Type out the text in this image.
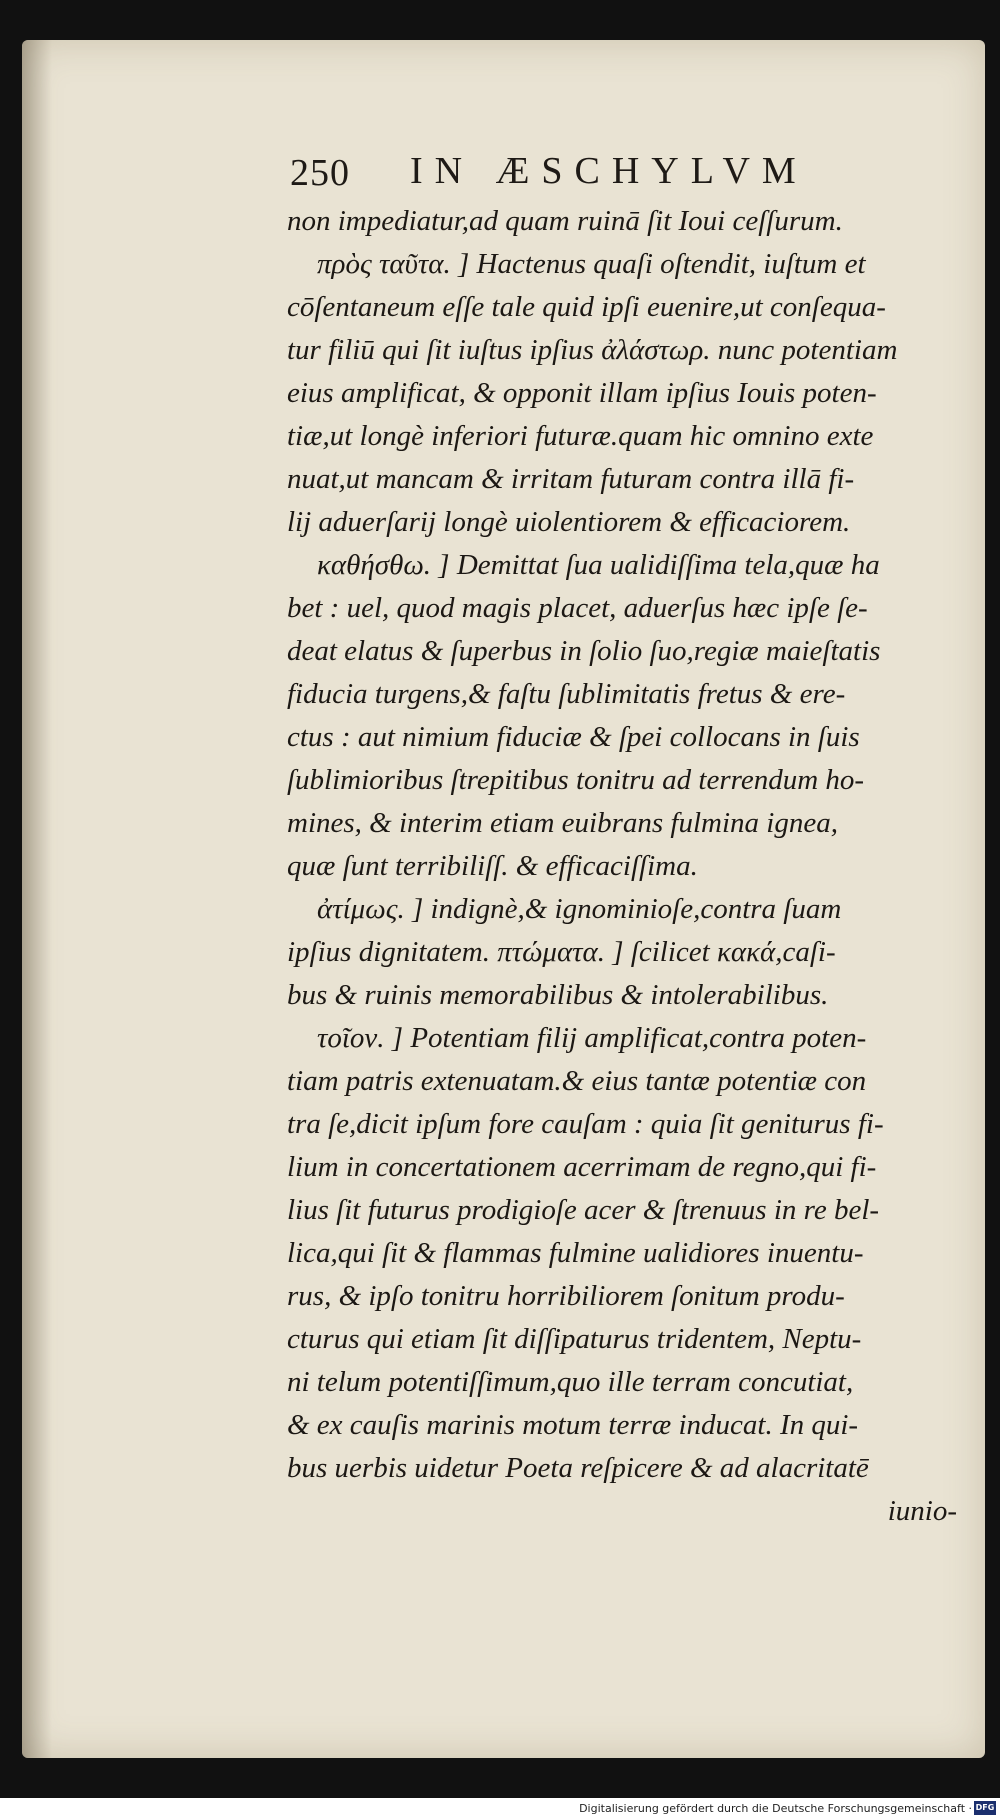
250 IN ÆSCHYLVM
non impediatur,ad quam ruinā ſit Ioui ceſſurum.
πρὸς ταῦτα. ] Hactenus quaſi oſtendit, iuſtum et
cōſentaneum eſſe tale quid ipſi euenire,ut conſequa-
tur filiū qui ſit iuſtus ipſius ἀλάστωρ. nunc potentiam
eius amplificat, & opponit illam ipſius Iouis poten-
tiæ,ut longè inferiori futuræ.quam hic omnino exte
nuat,ut mancam & irritam futuram contra illā fi-
lij aduerſarij longè uiolentiorem & efficaciorem.
καθήσθω. ] Demittat ſua ualidiſſima tela,quæ ha
bet : uel, quod magis placet, aduerſus hæc ipſe ſe-
deat elatus & ſuperbus in ſolio ſuo,regiæ maieſtatis
fiducia turgens,& faſtu ſublimitatis fretus & ere-
ctus : aut nimium fiduciæ & ſpei collocans in ſuis
ſublimioribus ſtrepitibus tonitru ad terrendum ho-
mines, & interim etiam euibrans fulmina ignea,
quæ ſunt terribiliſſ. & efficaciſſima.
ἀτίμως. ] indignè,& ignominioſe,contra ſuam
ipſius dignitatem. πτώματα. ] ſcilicet κακά,caſi-
bus & ruinis memorabilibus & intolerabilibus.
τοῖον. ] Potentiam filij amplificat,contra poten-
tiam patris extenuatam.& eius tantæ potentiæ con
tra ſe,dicit ipſum fore cauſam : quia ſit geniturus fi-
lium in concertationem acerrimam de regno,qui fi-
lius ſit futurus prodigioſe acer & ſtrenuus in re bel-
lica,qui ſit & flammas fulmine ualidiores inuentu-
rus, & ipſo tonitru horribiliorem ſonitum produ-
cturus qui etiam ſit diſſipaturus tridentem, Neptu-
ni telum potentiſſimum,quo ille terram concutiat,
& ex cauſis marinis motum terræ inducat. In qui-
bus uerbis uidetur Poeta reſpicere & ad alacritatē
iunio-
Digitalisierung gefördert durch die Deutsche Forschungsgemeinschaft · DFG
